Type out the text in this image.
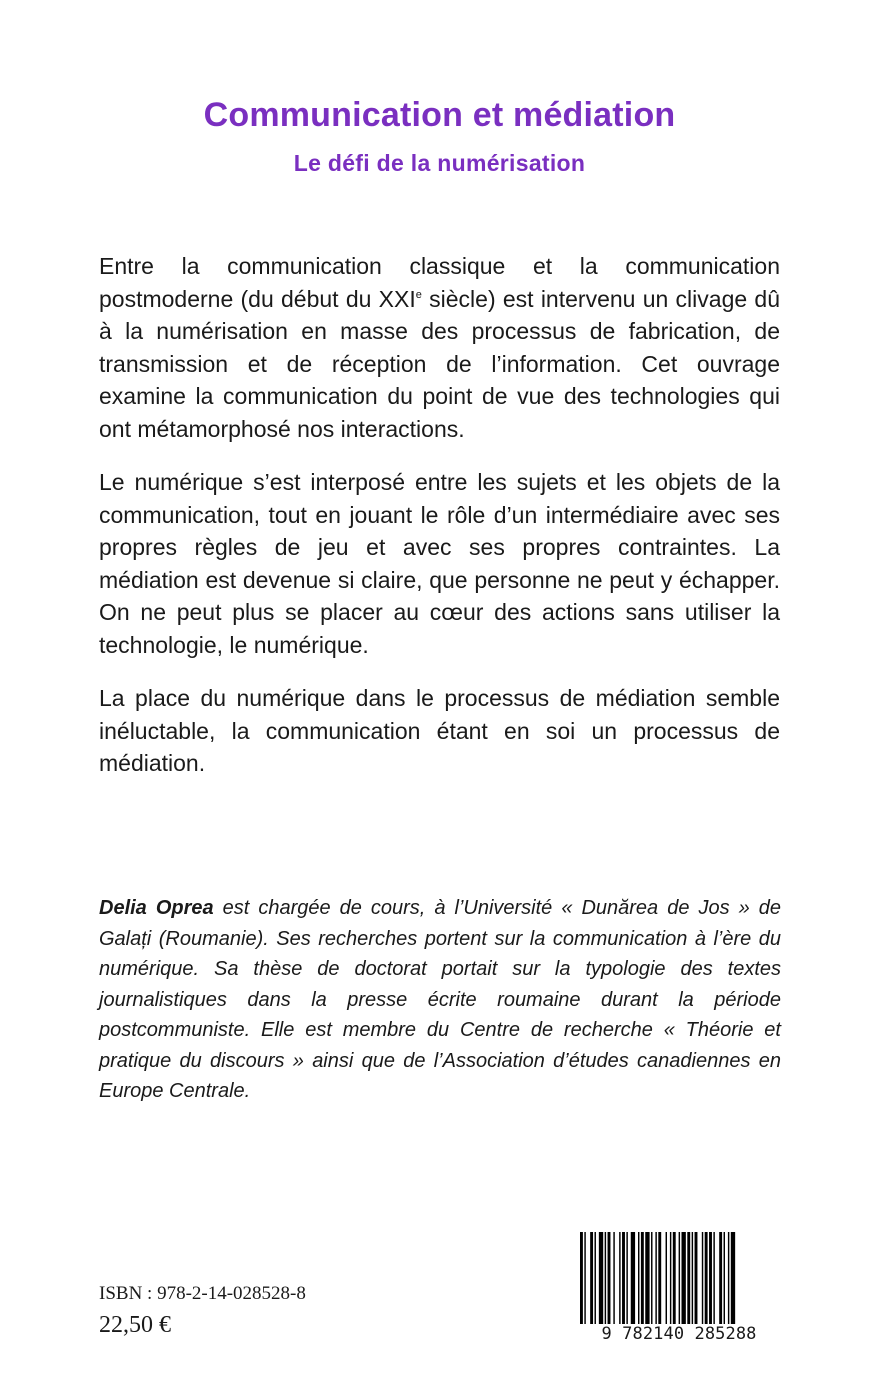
Communication et médiation
Le défi de la numérisation

Entre la communication classique et la communication postmoderne (du début du XXIe siècle) est intervenu un clivage dû à la numérisation en masse des processus de fabrication, de transmission et de réception de l’information. Cet ouvrage examine la communication du point de vue des technologies qui ont métamorphosé nos interactions.

Le numérique s’est interposé entre les sujets et les objets de la communication, tout en jouant le rôle d’un intermédiaire avec ses propres règles de jeu et avec ses propres contraintes. La médiation est devenue si claire, que personne ne peut y échapper. On ne peut plus se placer au cœur des actions sans utiliser la technologie, le numérique.

La place du numérique dans le processus de médiation semble inéluctable, la communication étant en soi un processus de médiation.

Delia Oprea est chargée de cours, à l’Université « Dunărea de Jos » de Galați (Roumanie). Ses recherches portent sur la communication à l’ère du numérique. Sa thèse de doctorat portait sur la typologie des textes journalistiques dans la presse écrite roumaine durant la période postcommuniste. Elle est membre du Centre de recherche « Théorie et pratique du discours » ainsi que de l’Association d’études canadiennes en Europe Centrale.
ISBN : 978-2-14-028528-8
22,50 €	9 782140 285288
